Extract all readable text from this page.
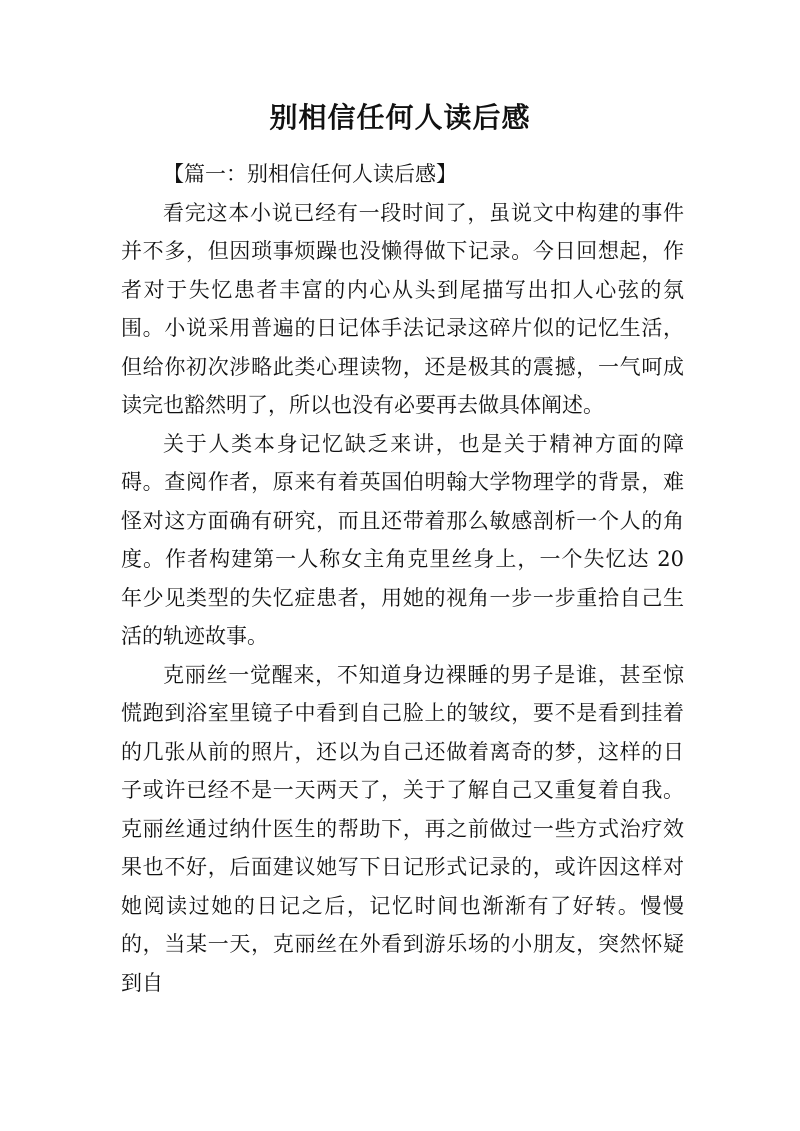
别相信任何人读后感

【篇一：别相信任何人读后感】

看完这本小说已经有一段时间了，虽说文中构建的事件并不多，但因琐事烦躁也没懒得做下记录。今日回想起，作者对于失忆患者丰富的内心从头到尾描写出扣人心弦的氛围。小说采用普遍的日记体手法记录这碎片似的记忆生活，但给你初次涉略此类心理读物，还是极其的震撼，一气呵成读完也豁然明了，所以也没有必要再去做具体阐述。

关于人类本身记忆缺乏来讲，也是关于精神方面的障碍。查阅作者，原来有着英国伯明翰大学物理学的背景，难怪对这方面确有研究，而且还带着那么敏感剖析一个人的角度。作者构建第一人称女主角克里丝身上，一个失忆达 20 年少见类型的失忆症患者，用她的视角一步一步重拾自己生活的轨迹故事。

克丽丝一觉醒来，不知道身边裸睡的男子是谁，甚至惊慌跑到浴室里镜子中看到自己脸上的皱纹，要不是看到挂着的几张从前的照片，还以为自己还做着离奇的梦，这样的日子或许已经不是一天两天了，关于了解自己又重复着自我。克丽丝通过纳什医生的帮助下，再之前做过一些方式治疗效果也不好，后面建议她写下日记形式记录的，或许因这样对她阅读过她的日记之后，记忆时间也渐渐有了好转。慢慢的，当某一天，克丽丝在外看到游乐场的小朋友，突然怀疑到自
